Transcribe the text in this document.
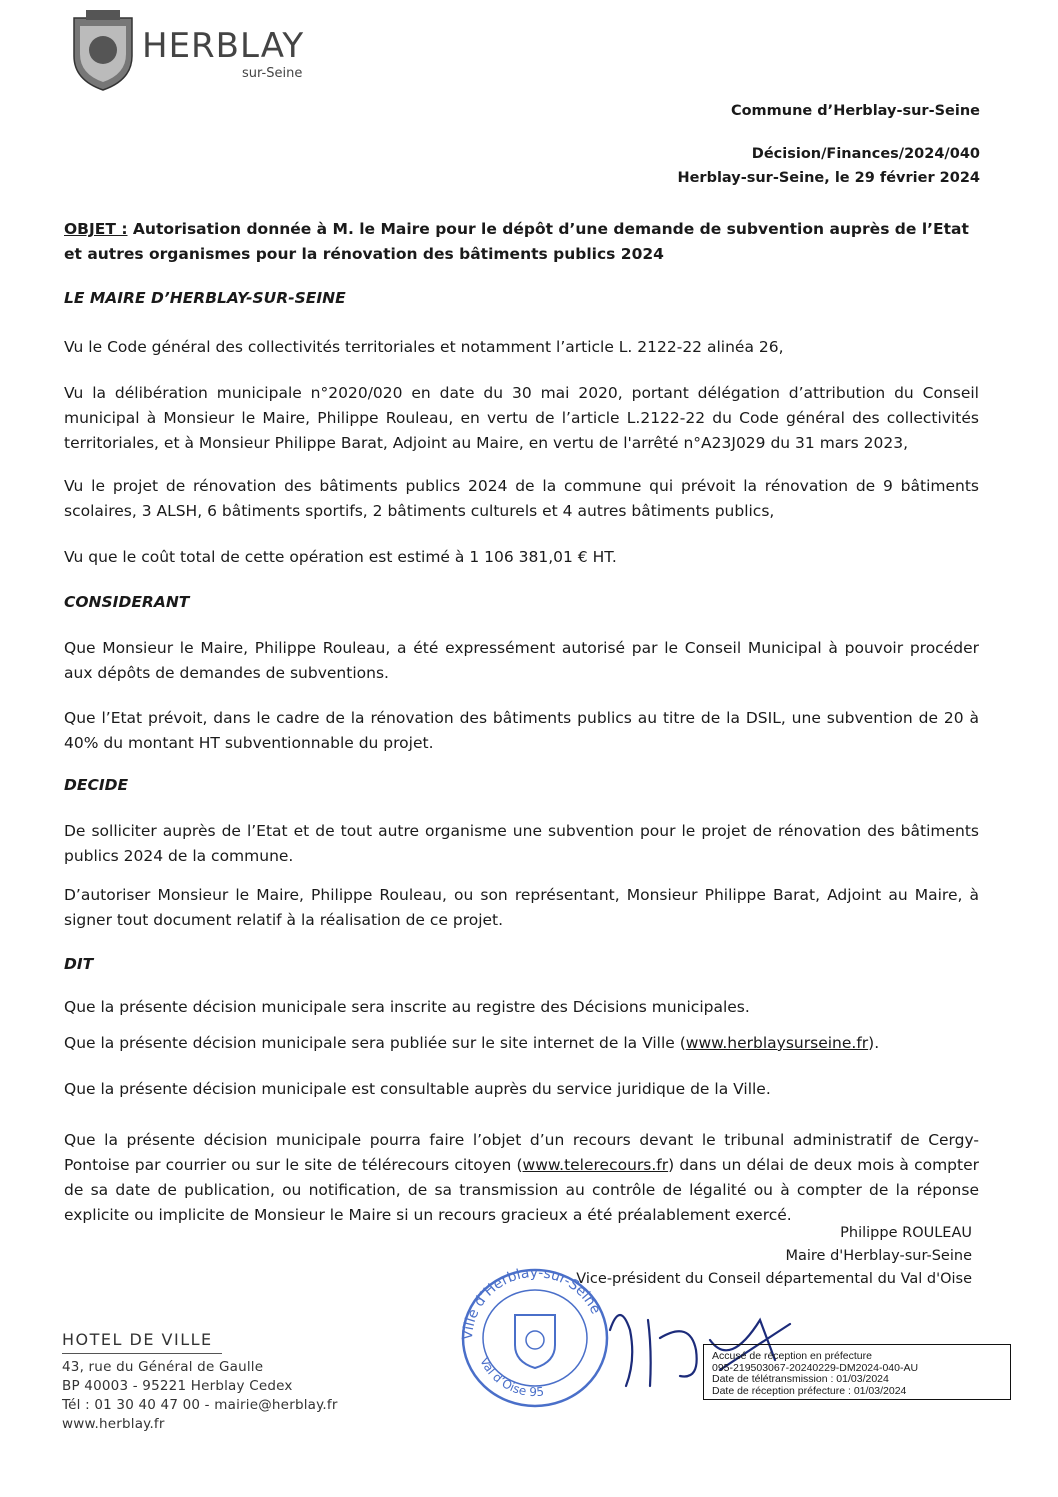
HERBLAY
sur-Seine
Commune d’Herblay-sur-Seine
Décision/Finances/2024/040
Herblay-sur-Seine, le 29 février 2024
OBJET : Autorisation donnée à M. le Maire pour le dépôt d’une demande de subvention auprès de l’Etat et autres organismes pour la rénovation des bâtiments publics 2024
LE MAIRE D’HERBLAY-SUR-SEINE
Vu le Code général des collectivités territoriales et notamment l’article L. 2122-22 alinéa 26,
Vu la délibération municipale n°2020/020 en date du 30 mai 2020, portant délégation d’attribution du Conseil municipal à Monsieur le Maire, Philippe Rouleau, en vertu de l’article L.2122-22 du Code général des collectivités territoriales, et à Monsieur Philippe Barat, Adjoint au Maire, en vertu de l'arrêté n°A23J029 du 31 mars 2023,
Vu le projet de rénovation des bâtiments publics 2024 de la commune qui prévoit la rénovation de 9 bâtiments scolaires, 3 ALSH, 6 bâtiments sportifs, 2 bâtiments culturels et 4 autres bâtiments publics,
Vu que le coût total de cette opération est estimé à 1 106 381,01 € HT.
CONSIDERANT
Que Monsieur le Maire, Philippe Rouleau, a été expressément autorisé par le Conseil Municipal à pouvoir procéder aux dépôts de demandes de subventions.
Que l’Etat prévoit, dans le cadre de la rénovation des bâtiments publics au titre de la DSIL, une subvention de 20 à 40% du montant HT subventionnable du projet.
DECIDE
De solliciter auprès de l’Etat et de tout autre organisme une subvention pour le projet de rénovation des bâtiments publics 2024 de la commune.
D’autoriser Monsieur le Maire, Philippe Rouleau, ou son représentant, Monsieur Philippe Barat, Adjoint au Maire, à signer tout document relatif à la réalisation de ce projet.
DIT
Que la présente décision municipale sera inscrite au registre des Décisions municipales.
Que la présente décision municipale sera publiée sur le site internet de la Ville (www.herblaysurseine.fr).
Que la présente décision municipale est consultable auprès du service juridique de la Ville.
Que la présente décision municipale pourra faire l’objet d’un recours devant le tribunal administratif de Cergy-Pontoise par courrier ou sur le site de télérecours citoyen (www.telerecours.fr) dans un délai de deux mois à compter de sa date de publication, ou notification, de sa transmission au contrôle de légalité ou à compter de la réponse explicite ou implicite de Monsieur le Maire si un recours gracieux a été préalablement exercé.
Philippe ROULEAU
Maire d'Herblay-sur-Seine
Vice-président du Conseil départemental du Val d'Oise
Ville d’Herblay-sur-Seine
Val d’Oise 95
HOTEL DE VILLE
43, rue du Général de Gaulle
BP 40003 - 95221 Herblay Cedex
Tél : 01 30 40 47 00 - mairie@herblay.fr
www.herblay.fr
Accusé de réception en préfecture
095-219503067-20240229-DM2024-040-AU
Date de télétransmission : 01/03/2024
Date de réception préfecture : 01/03/2024
